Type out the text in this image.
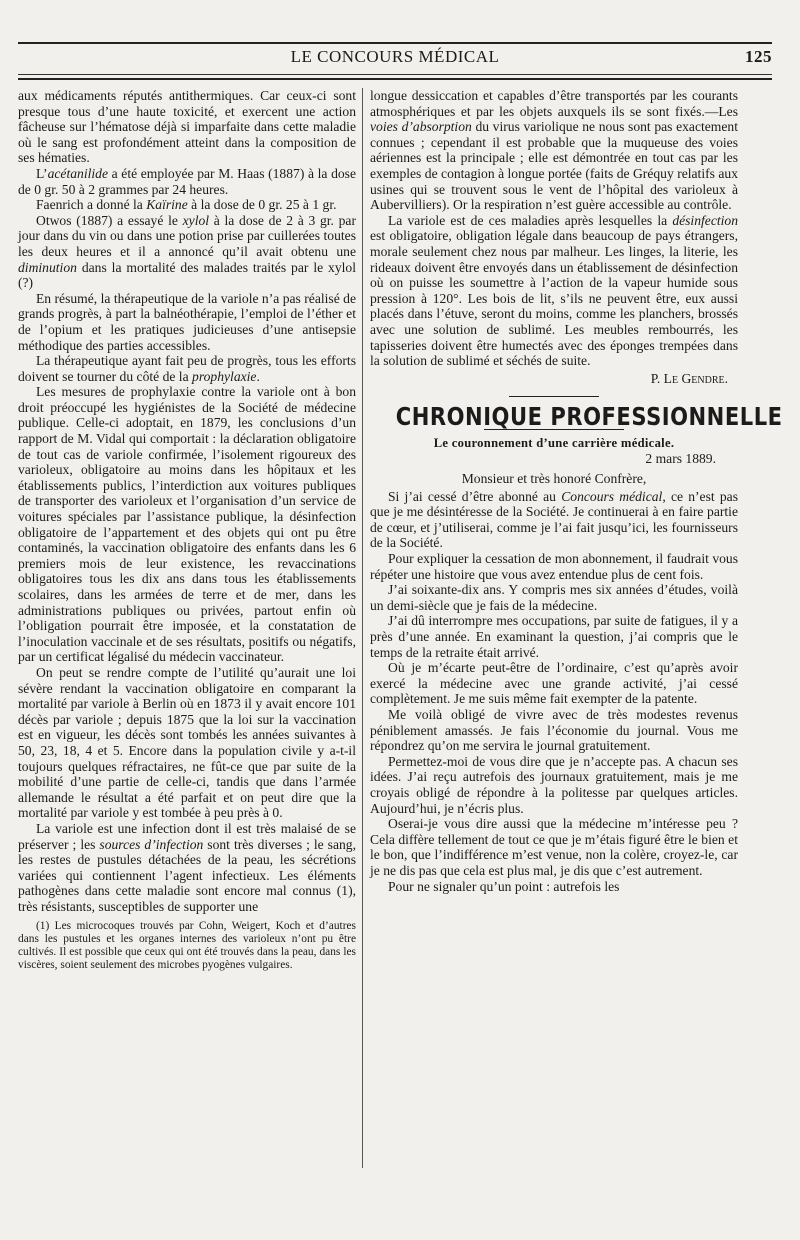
LE CONCOURS MÉDICAL	125

aux médicaments réputés antithermiques. Car ceux-ci sont presque tous d’une haute toxicité, et exercent une action fâcheuse sur l’hématose déjà si imparfaite dans cette maladie où le sang est profondément atteint dans la composition de ses hématies.

L’acétanilide a été employée par M. Haas (1887) à la dose de 0 gr. 50 à 2 grammes par 24 heures.

Faenrich a donné la Kaïrine à la dose de 0 gr. 25 à 1 gr.

Otwos (1887) a essayé le xylol à la dose de 2 à 3 gr. par jour dans du vin ou dans une potion prise par cuillerées toutes les deux heures et il a annoncé qu’il avait obtenu une diminution dans la mortalité des malades traités par le xylol (?)

En résumé, la thérapeutique de la variole n’a pas réalisé de grands progrès, à part la balnéothérapie, l’emploi de l’éther et de l’opium et les pratiques judicieuses d’une antisepsie méthodique des parties accessibles.

La thérapeutique ayant fait peu de progrès, tous les efforts doivent se tourner du côté de la prophylaxie.

Les mesures de prophylaxie contre la variole ont à bon droit préoccupé les hygiénistes de la Société de médecine publique. Celle-ci adoptait, en 1879, les conclusions d’un rapport de M. Vidal qui comportait : la déclaration obligatoire de tout cas de variole confirmée, l’isolement rigoureux des varioleux, obligatoire au moins dans les hôpitaux et les établissements publics, l’interdiction aux voitures publiques de transporter des varioleux et l’organisation d’un service de voitures spéciales par l’assistance publique, la désinfection obligatoire de l’appartement et des objets qui ont pu être contaminés, la vaccination obligatoire des enfants dans les 6 premiers mois de leur existence, les revaccinations obligatoires tous les dix ans dans tous les établissements scolaires, dans les armées de terre et de mer, dans les administrations publiques ou privées, partout enfin où l’obligation pourrait être imposée, et la constatation de l’inoculation vaccinale et de ses résultats, positifs ou négatifs, par un certificat légalisé du médecin vaccinateur.

On peut se rendre compte de l’utilité qu’aurait une loi sévère rendant la vaccination obligatoire en comparant la mortalité par variole à Berlin où en 1873 il y avait encore 101 décès par variole ; depuis 1875 que la loi sur la vaccination est en vigueur, les décès sont tombés les années suivantes à 50, 23, 18, 4 et 5. Encore dans la population civile y a-t-il toujours quelques réfractaires, ne fût-ce que par suite de la mobilité d’une partie de celle-ci, tandis que dans l’armée allemande le résultat a été parfait et on peut dire que la mortalité par variole y est tombée à peu près à 0.

La variole est une infection dont il est très malaisé de se préserver ; les sources d’infection sont très diverses ; le sang, les restes de pustules détachées de la peau, les sécrétions variées qui contiennent l’agent infectieux. Les éléments pathogènes dans cette maladie sont encore mal connus (1), très résistants, susceptibles de supporter une

(1) Les microcoques trouvés par Cohn, Weigert, Koch et d’autres dans les pustules et les organes internes des varioleux n’ont pu être cultivés. Il est possible que ceux qui ont été trouvés dans la peau, dans les viscères, soient seulement des microbes pyogènes vulgaires.

longue dessiccation et capables d’être transportés par les courants atmosphériques et par les objets auxquels ils se sont fixés.—Les voies d’absorption du virus variolique ne nous sont pas exactement connues ; cependant il est probable que la muqueuse des voies aériennes est la principale ; elle est démontrée en tout cas par les exemples de contagion à longue portée (faits de Gréquy relatifs aux usines qui se trouvent sous le vent de l’hôpital des varioleux à Aubervilliers). Or la respiration n’est guère accessible au contrôle.

La variole est de ces maladies après lesquelles la désinfection est obligatoire, obligation légale dans beaucoup de pays étrangers, morale seulement chez nous par malheur. Les linges, la literie, les rideaux doivent être envoyés dans un établissement de désinfection où on puisse les soumettre à l’action de la vapeur humide sous pression à 120°. Les bois de lit, s’ils ne peuvent être, eux aussi placés dans l’étuve, seront du moins, comme les planchers, brossés avec une solution de sublimé. Les meubles rembourrés, les tapisseries doivent être humectés avec des éponges trempées dans la solution de sublimé et séchés de suite.

P. Le Gendre.

CHRONIQUE PROFESSIONNELLE

Le couronnement d’une carrière médicale.

2 mars 1889.

Monsieur et très honoré Confrère,

Si j’ai cessé d’être abonné au Concours médical, ce n’est pas que je me désintéresse de la Société. Je continuerai à en faire partie de cœur, et j’utiliserai, comme je l’ai fait jusqu’ici, les fournisseurs de la Société.

Pour expliquer la cessation de mon abonnement, il faudrait vous répéter une histoire que vous avez entendue plus de cent fois.

J’ai soixante-dix ans. Y compris mes six années d’études, voilà un demi-siècle que je fais de la médecine.

J’ai dû interrompre mes occupations, par suite de fatigues, il y a près d’une année. En examinant la question, j’ai compris que le temps de la retraite était arrivé.

Où je m’écarte peut-être de l’ordinaire, c’est qu’après avoir exercé la médecine avec une grande activité, j’ai cessé complètement. Je me suis même fait exempter de la patente.

Me voilà obligé de vivre avec de très modestes revenus péniblement amassés. Je fais l’économie du journal. Vous me répondrez qu’on me servira le journal gratuitement.

Permettez-moi de vous dire que je n’accepte pas. A chacun ses idées. J’ai reçu autrefois des journaux gratuitement, mais je me croyais obligé de répondre à la politesse par quelques articles. Aujourd’hui, je n’écris plus.

Oserai-je vous dire aussi que la médecine m’intéresse peu ? Cela diffère tellement de tout ce que je m’étais figuré être le bien et le bon, que l’indifférence m’est venue, non la colère, croyez-le, car je ne dis pas que cela est plus mal, je dis que c’est autrement.

Pour ne signaler qu’un point : autrefois les
